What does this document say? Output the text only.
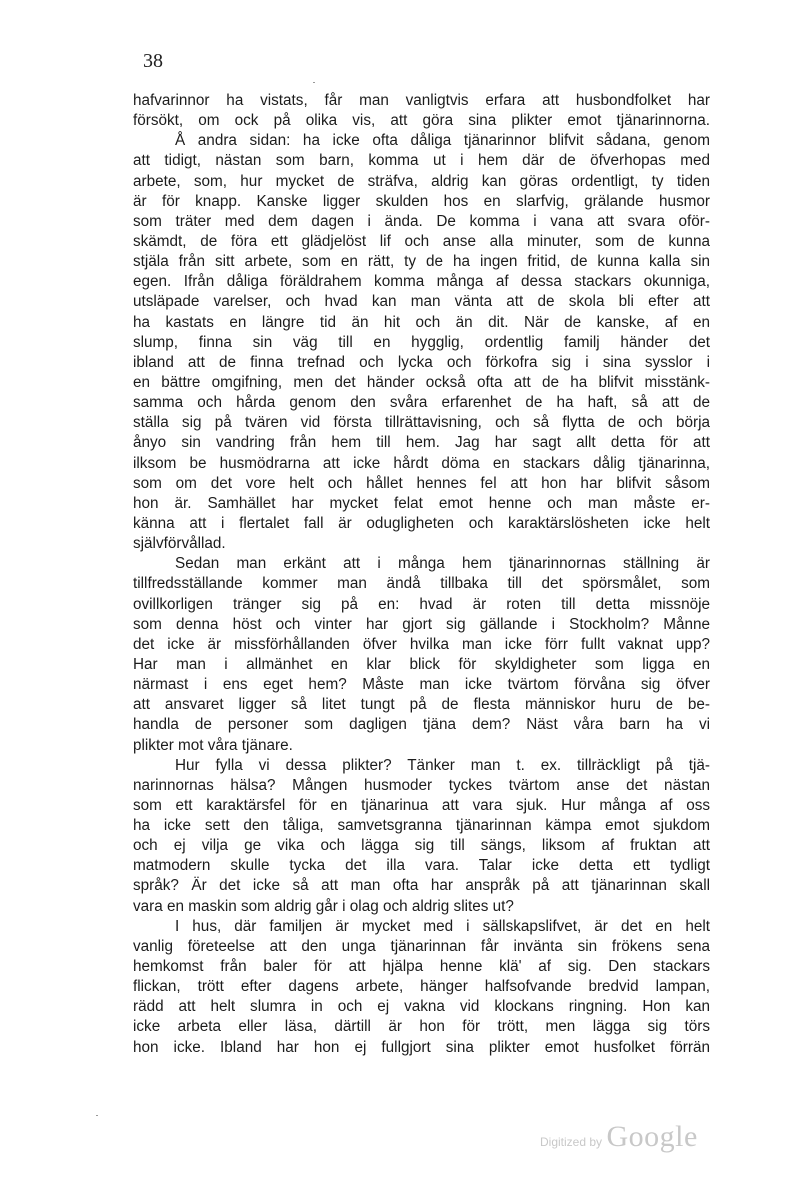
38
hafvarinnor ha vistats, får man vanligtvis erfara att husbondfolket har
försökt, om ock på olika vis, att göra sina plikter emot tjänarinnorna.
Å andra sidan: ha icke ofta dåliga tjänarinnor blifvit sådana, genom
att tidigt, nästan som barn, komma ut i hem där de öfverhopas med
arbete, som, hur mycket de sträfva, aldrig kan göras ordentligt, ty tiden
är för knapp. Kanske ligger skulden hos en slarfvig, grälande husmor
som träter med dem dagen i ända. De komma i vana att svara oför-
skämdt, de föra ett glädjelöst lif och anse alla minuter, som de kunna
stjäla från sitt arbete, som en rätt, ty de ha ingen fritid, de kunna kalla sin
egen. Ifrån dåliga föräldrahem komma många af dessa stackars okunniga,
utsläpade varelser, och hvad kan man vänta att de skola bli efter att
ha kastats en längre tid än hit och än dit. När de kanske, af en
slump, finna sin väg till en hygglig, ordentlig familj händer det
ibland att de finna trefnad och lycka och förkofra sig i sina sysslor i
en bättre omgifning, men det händer också ofta att de ha blifvit misstänk-
samma och hårda genom den svåra erfarenhet de ha haft, så att de
ställa sig på tvären vid första tillrättavisning, och så flytta de och börja
ånyo sin vandring från hem till hem. Jag har sagt allt detta för att
ilksom be husmödrarna att icke hårdt döma en stackars dålig tjänarinna,
som om det vore helt och hållet hennes fel att hon har blifvit såsom
hon är. Samhället har mycket felat emot henne och man måste er-
känna att i flertalet fall är odugligheten och karaktärslösheten icke helt
självförvållad.
Sedan man erkänt att i många hem tjänarinnornas ställning är
tillfredsställande kommer man ändå tillbaka till det spörsmålet, som
ovillkorligen tränger sig på en: hvad är roten till detta missnöje
som denna höst och vinter har gjort sig gällande i Stockholm? Månne
det icke är missförhållanden öfver hvilka man icke förr fullt vaknat upp?
Har man i allmänhet en klar blick för skyldigheter som ligga en
närmast i ens eget hem? Måste man icke tvärtom förvåna sig öfver
att ansvaret ligger så litet tungt på de flesta människor huru de be-
handla de personer som dagligen tjäna dem? Näst våra barn ha vi
plikter mot våra tjänare.
Hur fylla vi dessa plikter? Tänker man t. ex. tillräckligt på tjä-
narinnornas hälsa? Mången husmoder tyckes tvärtom anse det nästan
som ett karaktärsfel för en tjänarinua att vara sjuk. Hur många af oss
ha icke sett den tåliga, samvetsgranna tjänarinnan kämpa emot sjukdom
och ej vilja ge vika och lägga sig till sängs, liksom af fruktan att
matmodern skulle tycka det illa vara. Talar icke detta ett tydligt
språk? Är det icke så att man ofta har anspråk på att tjänarinnan skall
vara en maskin som aldrig går i olag och aldrig slites ut?
I hus, där familjen är mycket med i sällskapslifvet, är det en helt
vanlig företeelse att den unga tjänarinnan får invänta sin frökens sena
hemkomst från baler för att hjälpa henne klä' af sig. Den stackars
flickan, trött efter dagens arbete, hänger halfsofvande bredvid lampan,
rädd att helt slumra in och ej vakna vid klockans ringning. Hon kan
icke arbeta eller läsa, därtill är hon för trött, men lägga sig törs
hon icke. Ibland har hon ej fullgjort sina plikter emot husfolket förrän
Digitized by Google
